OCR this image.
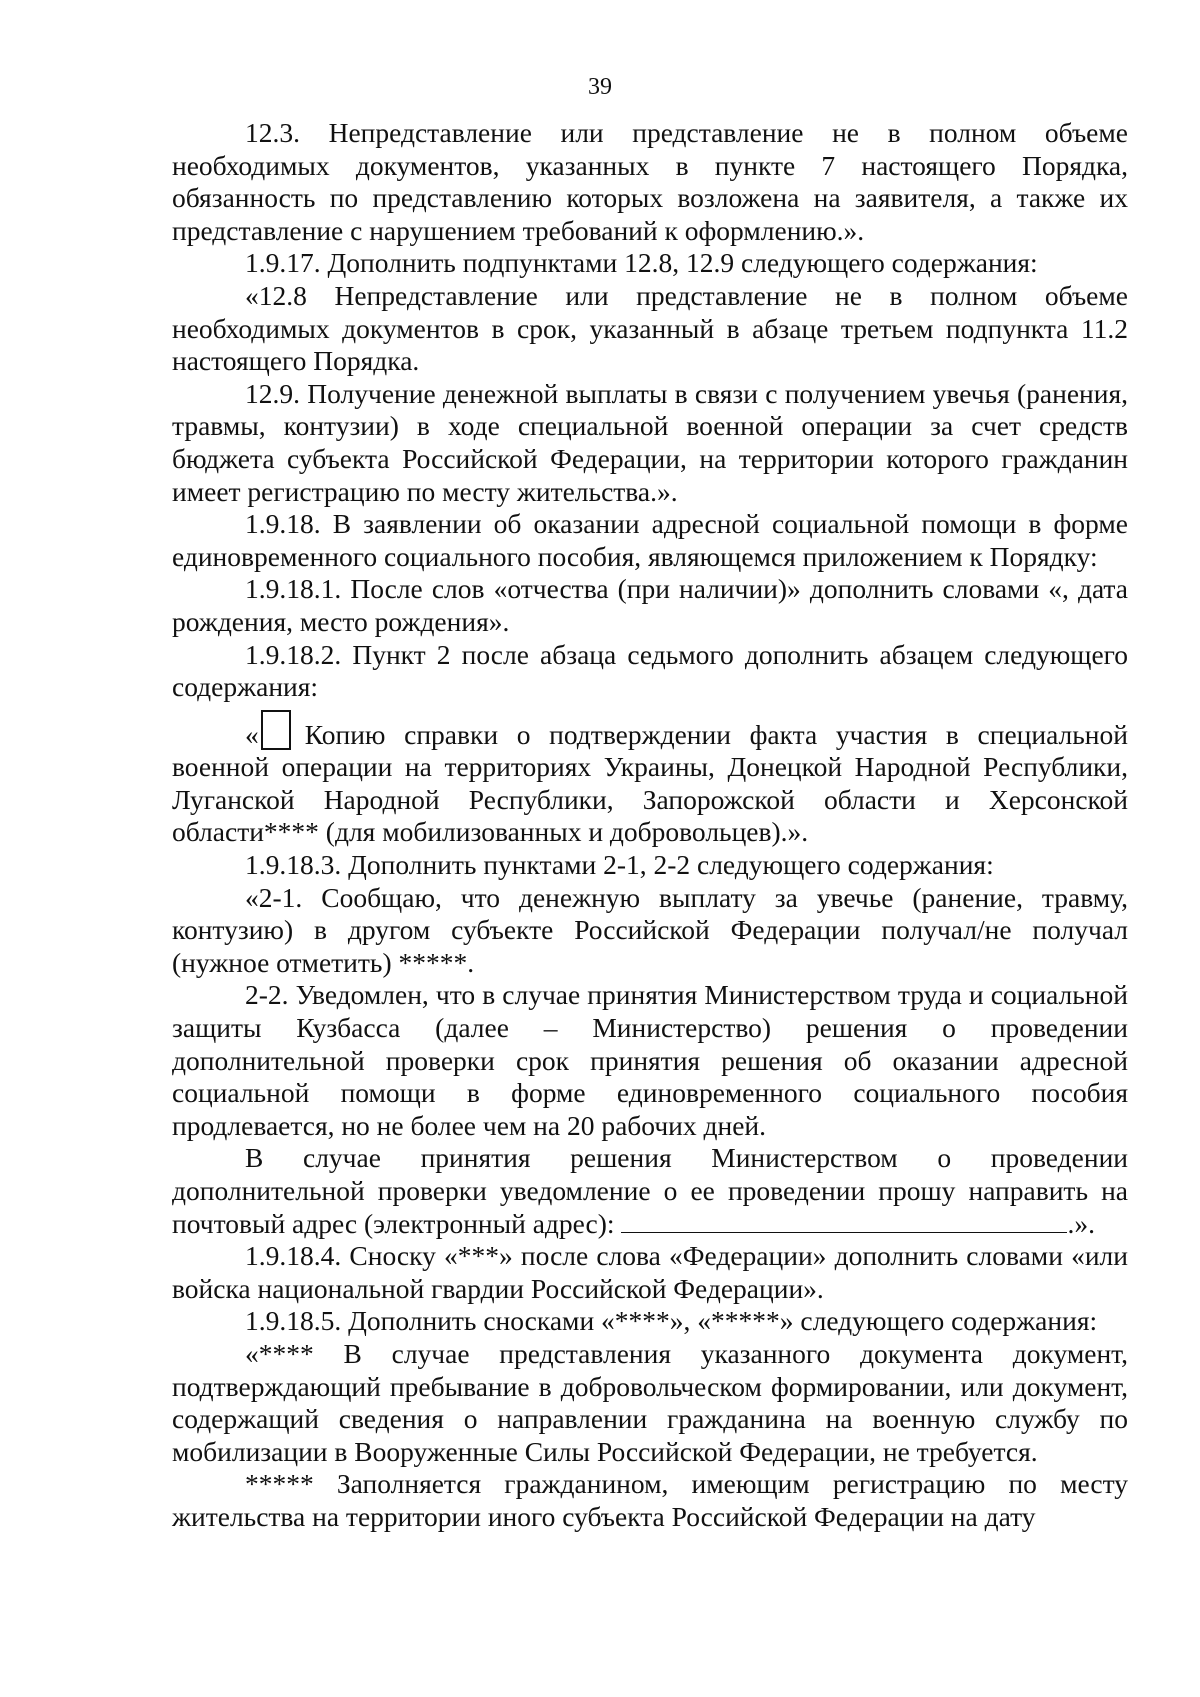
39

12.3. Непредставление или представление не в полном объеме необходимых документов, указанных в пункте 7 настоящего Порядка, обязанность по представлению которых возложена на заявителя, а также их представление с нарушением требований к оформлению.».

1.9.17. Дополнить подпунктами 12.8, 12.9 следующего содержания:

«12.8 Непредставление или представление не в полном объеме необходимых документов в срок, указанный в абзаце третьем подпункта 11.2 настоящего Порядка.

12.9. Получение денежной выплаты в связи с получением увечья (ранения, травмы, контузии) в ходе специальной военной операции за счет средств бюджета субъекта Российской Федерации, на территории которого гражданин имеет регистрацию по месту жительства.».

1.9.18. В заявлении об оказании адресной социальной помощи в форме единовременного социального пособия, являющемся приложением к Порядку:

1.9.18.1. После слов «отчества (при наличии)» дополнить словами «, дата рождения, место рождения».

1.9.18.2. Пункт 2 после абзаца седьмого дополнить абзацем следующего содержания:

« Копию справки о подтверждении факта участия в специальной военной операции на территориях Украины, Донецкой Народной Республики, Луганской Народной Республики, Запорожской области и Херсонской области**** (для мобилизованных и добровольцев).».

1.9.18.3. Дополнить пунктами 2-1, 2-2 следующего содержания:

«2-1. Сообщаю, что денежную выплату за увечье (ранение, травму, контузию) в другом субъекте Российской Федерации получал/не получал (нужное отметить) *****.

2-2. Уведомлен, что в случае принятия Министерством труда и социальной защиты Кузбасса (далее – Министерство) решения о проведении дополнительной проверки срок принятия решения об оказании адресной социальной помощи в форме единовременного социального пособия продлевается, но не более чем на 20 рабочих дней.

В случае принятия решения Министерством о проведении дополнительной проверки уведомление о ее проведении прошу направить на почтовый адрес (электронный адрес):	.».

1.9.18.4. Сноску «***» после слова «Федерации» дополнить словами «или войска национальной гвардии Российской Федерации».

1.9.18.5. Дополнить сносками «****», «*****» следующего содержания:

«**** В случае представления указанного документа документ, подтверждающий пребывание в добровольческом формировании, или документ, содержащий сведения о направлении гражданина на военную службу по мобилизации в Вооруженные Силы Российской Федерации, не требуется.

***** Заполняется гражданином, имеющим регистрацию по месту жительства на территории иного субъекта Российской Федерации на дату
